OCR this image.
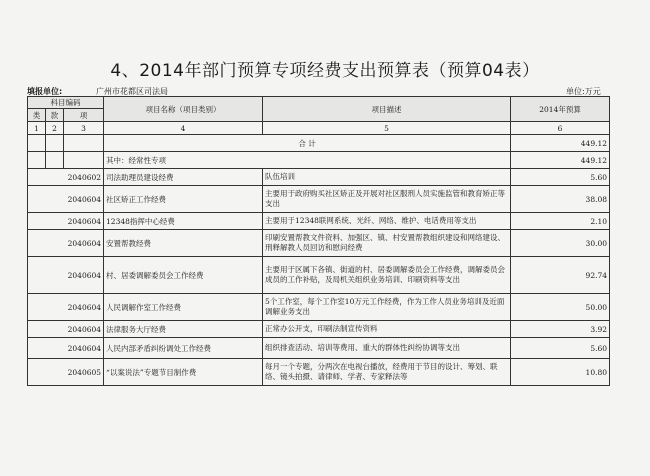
4、2014年部门预算专项经费支出预算表（预算04表）
填报单位:	广州市花都区司法局	单位:万元
科目编码			项目名称（项目类别）	项目描述	2014年预算
类	款	项			
1	2	3	4	5	6
			合 计		449.12
			其中：经常性专项		449.12
2040602			司法助理员建设经费	队伍培训	5.60
2040604			社区矫正工作经费	主要用于政府购买社区矫正及开展对社区服刑人员实施监管和教育矫正等支出	38.08
2040604			12348指挥中心经费	主要用于12348联网系统、光纤、网络、维护、电话费用等支出	2.10
2040604			安置帮教经费	印刷安置帮教文件资料、加强区、镇、村安置帮教组织建设和网络建设、刑释解教人员回访和慰问经费	30.00
2040604			村、居委调解委员会工作经费	主要用于区属下各镇、街道的村、居委调解委员会工作经费，调解委员会成员的工作补贴，及局机关组织业务培训、印刷资料等支出	92.74
2040604			人民调解作室工作经费	5个工作室，每个工作室10万元工作经费，作为工作人员业务培训及近面调解业务支出	50.00
2040604			法律服务大厅经费	正常办公开支，印刷法制宣传资料	3.92
2040604			人民内部矛盾纠纷调处工作经费	组织排查活动、培训等费用、重大的群体性纠纷协调等支出	5.60
2040605			“以案说法”专题节目制作费	每月一个专题，分两次在电视台播放，经费用于节目的设计、筹划、联络、镜头拍摄、请律师、学者、专家释法等	10.80
